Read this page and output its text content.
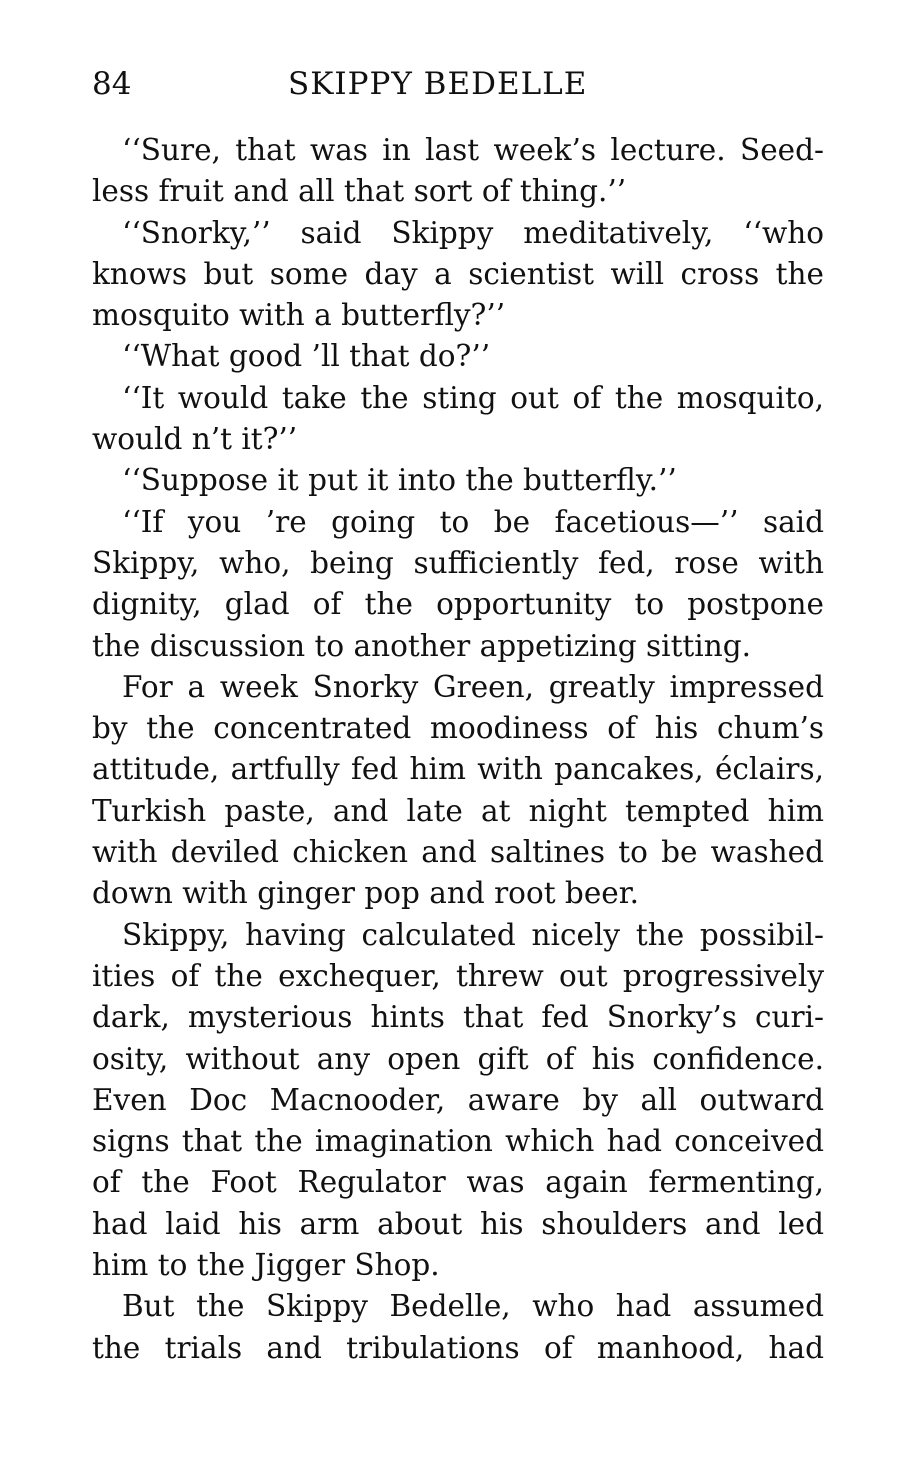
84	SKIPPY BEDELLE

‘‘Sure, that was in last week’s lecture. Seed-
less fruit and all that sort of thing.’’

‘‘Snorky,’’ said Skippy meditatively, ‘‘who
knows but some day a scientist will cross the
mosquito with a butterfly?’’

‘‘What good ’ll that do?’’

‘‘It would take the sting out of the mosquito,
would n’t it?’’

‘‘Suppose it put it into the butterfly.’’

‘‘If you ’re going to be facetious—’’ said
Skippy, who, being sufficiently fed, rose with
dignity, glad of the opportunity to postpone
the discussion to another appetizing sitting.

For a week Snorky Green, greatly impressed
by the concentrated moodiness of his chum’s
attitude, artfully fed him with pancakes, éclairs,
Turkish paste, and late at night tempted him
with deviled chicken and saltines to be washed
down with ginger pop and root beer.

Skippy, having calculated nicely the possibil-
ities of the exchequer, threw out progressively
dark, mysterious hints that fed Snorky’s curi-
osity, without any open gift of his confidence.
Even Doc Macnooder, aware by all outward
signs that the imagination which had conceived
of the Foot Regulator was again fermenting,
had laid his arm about his shoulders and led
him to the Jigger Shop.

But the Skippy Bedelle, who had assumed
the trials and tribulations of manhood, had
